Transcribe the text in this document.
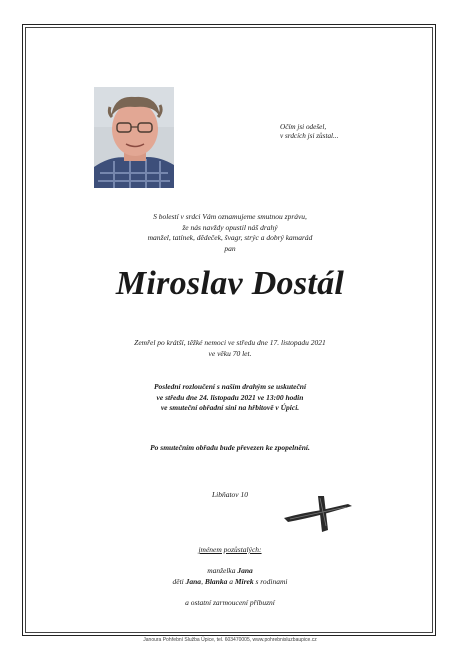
Očím jsi odešel,
v srdcích jsi zůstal...
S bolestí v srdci Vám oznamujeme smutnou zprávu,
že nás navždy opustil náš drahý
manžel, tatínek, dědeček, švagr, strýc a dobrý kamarád
pan
Miroslav Dostál
Zemřel po krátší, těžké nemoci ve středu dne 17. listopadu 2021
ve věku 70 let.
Poslední rozloučení s naším drahým se uskuteční
ve středu dne 24. listopadu 2021 ve 13:00 hodin
ve smuteční obřadní síni na hřbitově v Úpici.
Po smutečním obřadu bude převezen ke zpopelnění.
Libňatov 10
jménem pozůstalých:
manželka Jana
děti Jana, Blanka a Mirek s rodinami
a ostatní zarmoucení příbuzní
Janoura Pohřební Služba Úpice, tel. 603470005, www.pohrebnisluzbaupice.cz
